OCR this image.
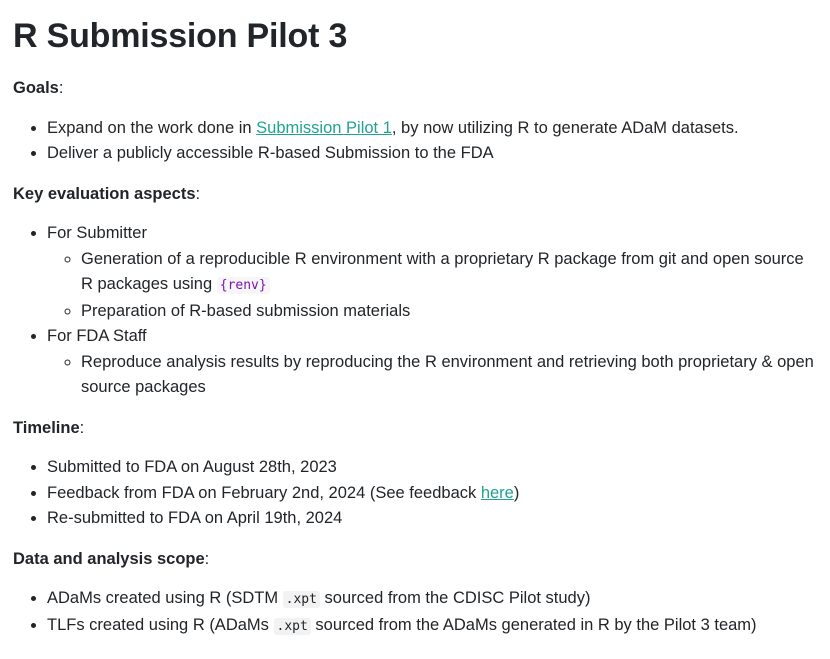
R Submission Pilot 3

Goals:

• Expand on the work done in Submission Pilot 1, by now utilizing R to generate ADaM datasets.
• Deliver a publicly accessible R-based Submission to the FDA

Key evaluation aspects:

• For Submitter
◦ Generation of a reproducible R environment with a proprietary R package from git and open source R packages using {renv}
◦ Preparation of R-based submission materials
• For FDA Staff
◦ Reproduce analysis results by reproducing the R environment and retrieving both proprietary & open source packages

Timeline:

• Submitted to FDA on August 28th, 2023
• Feedback from FDA on February 2nd, 2024 (See feedback here)
• Re-submitted to FDA on April 19th, 2024

Data and analysis scope:

• ADaMs created using R (SDTM .xpt sourced from the CDISC Pilot study)
• TLFs created using R (ADaMs .xpt sourced from the ADaMs generated in R by the Pilot 3 team)
